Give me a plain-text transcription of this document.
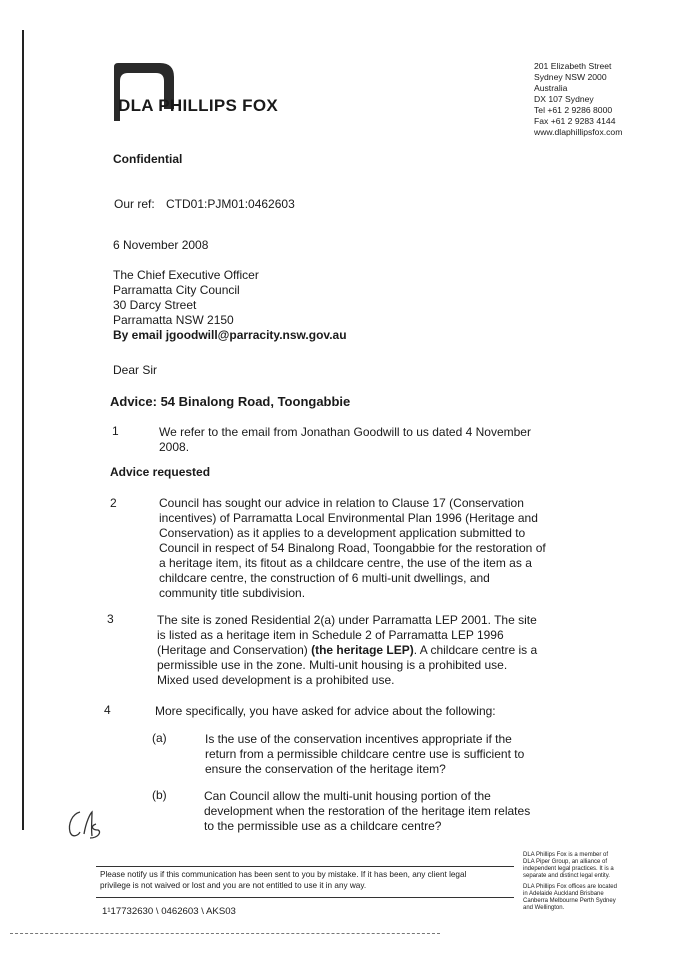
DLA PHILLIPS FOX
201 Elizabeth Street
Sydney NSW 2000
Australia
DX 107 Sydney
Tel +61 2 9286 8000
Fax +61 2 9283 4144
www.dlaphillipsfox.com
Confidential
Our ref: CTD01:PJM01:0462603
6 November 2008
The Chief Executive Officer
Parramatta City Council
30 Darcy Street
Parramatta NSW 2150
By email jgoodwill@parracity.nsw.gov.au
Dear Sir
Advice: 54 Binalong Road, Toongabbie
1	We refer to the email from Jonathan Goodwill to us dated 4 November
2008.
Advice requested
2	Council has sought our advice in relation to Clause 17 (Conservation
incentives) of Parramatta Local Environmental Plan 1996 (Heritage and
Conservation) as it applies to a development application submitted to
Council in respect of 54 Binalong Road, Toongabbie for the restoration of
a heritage item, its fitout as a childcare centre, the use of the item as a
childcare centre, the construction of 6 multi-unit dwellings, and
community title subdivision.
3	The site is zoned Residential 2(a) under Parramatta LEP 2001. The site
is listed as a heritage item in Schedule 2 of Parramatta LEP 1996
(Heritage and Conservation) (the heritage LEP). A childcare centre is a
permissible use in the zone. Multi-unit housing is a prohibited use.
Mixed used development is a prohibited use.
4	More specifically, you have asked for advice about the following:
(a)	Is the use of the conservation incentives appropriate if the
return from a permissible childcare centre use is sufficient to
ensure the conservation of the heritage item?
(b)	Can Council allow the multi-unit housing portion of the
development when the restoration of the heritage item relates
to the permissible use as a childcare centre?
Please notify us if this communication has been sent to you by mistake. If it has been, any client legal
privilege is not waived or lost and you are not entitled to use it in any way.
1¹17732630 \ 0462603 \ AKS03
DLA Phillips Fox is a member of
DLA Piper Group, an alliance of
independent legal practices. It is a
separate and distinct legal entity.
DLA Phillips Fox offices are located
in Adelaide Auckland Brisbane
Canberra Melbourne Perth Sydney
and Wellington.
